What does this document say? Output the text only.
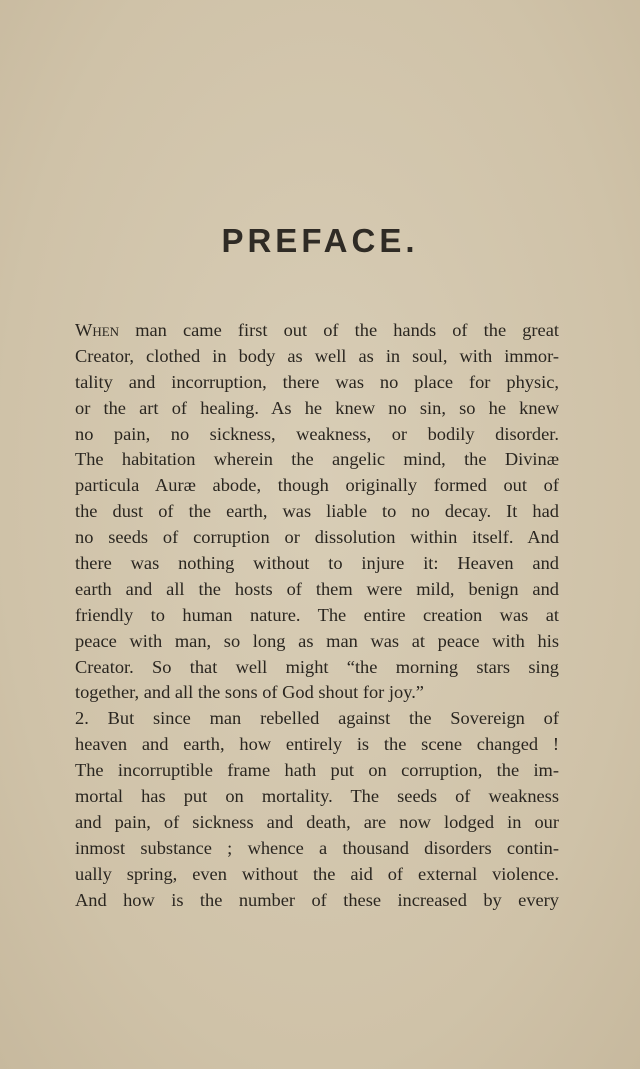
PREFACE.
When man came first out of the hands of the great
Creator, clothed in body as well as in soul, with immor-
tality and incorruption, there was no place for physic,
or the art of healing. As he knew no sin, so he knew
no pain, no sickness, weakness, or bodily disorder.
The habitation wherein the angelic mind, the Divinæ
particula Auræ abode, though originally formed out of
the dust of the earth, was liable to no decay. It had
no seeds of corruption or dissolution within itself. And
there was nothing without to injure it: Heaven and
earth and all the hosts of them were mild, benign and
friendly to human nature. The entire creation was at
peace with man, so long as man was at peace with his
Creator. So that well might “the morning stars sing
together, and all the sons of God shout for joy.”
2. But since man rebelled against the Sovereign of
heaven and earth, how entirely is the scene changed !
The incorruptible frame hath put on corruption, the im-
mortal has put on mortality. The seeds of weakness
and pain, of sickness and death, are now lodged in our
inmost substance ; whence a thousand disorders contin-
ually spring, even without the aid of external violence.
And how is the number of these increased by every
